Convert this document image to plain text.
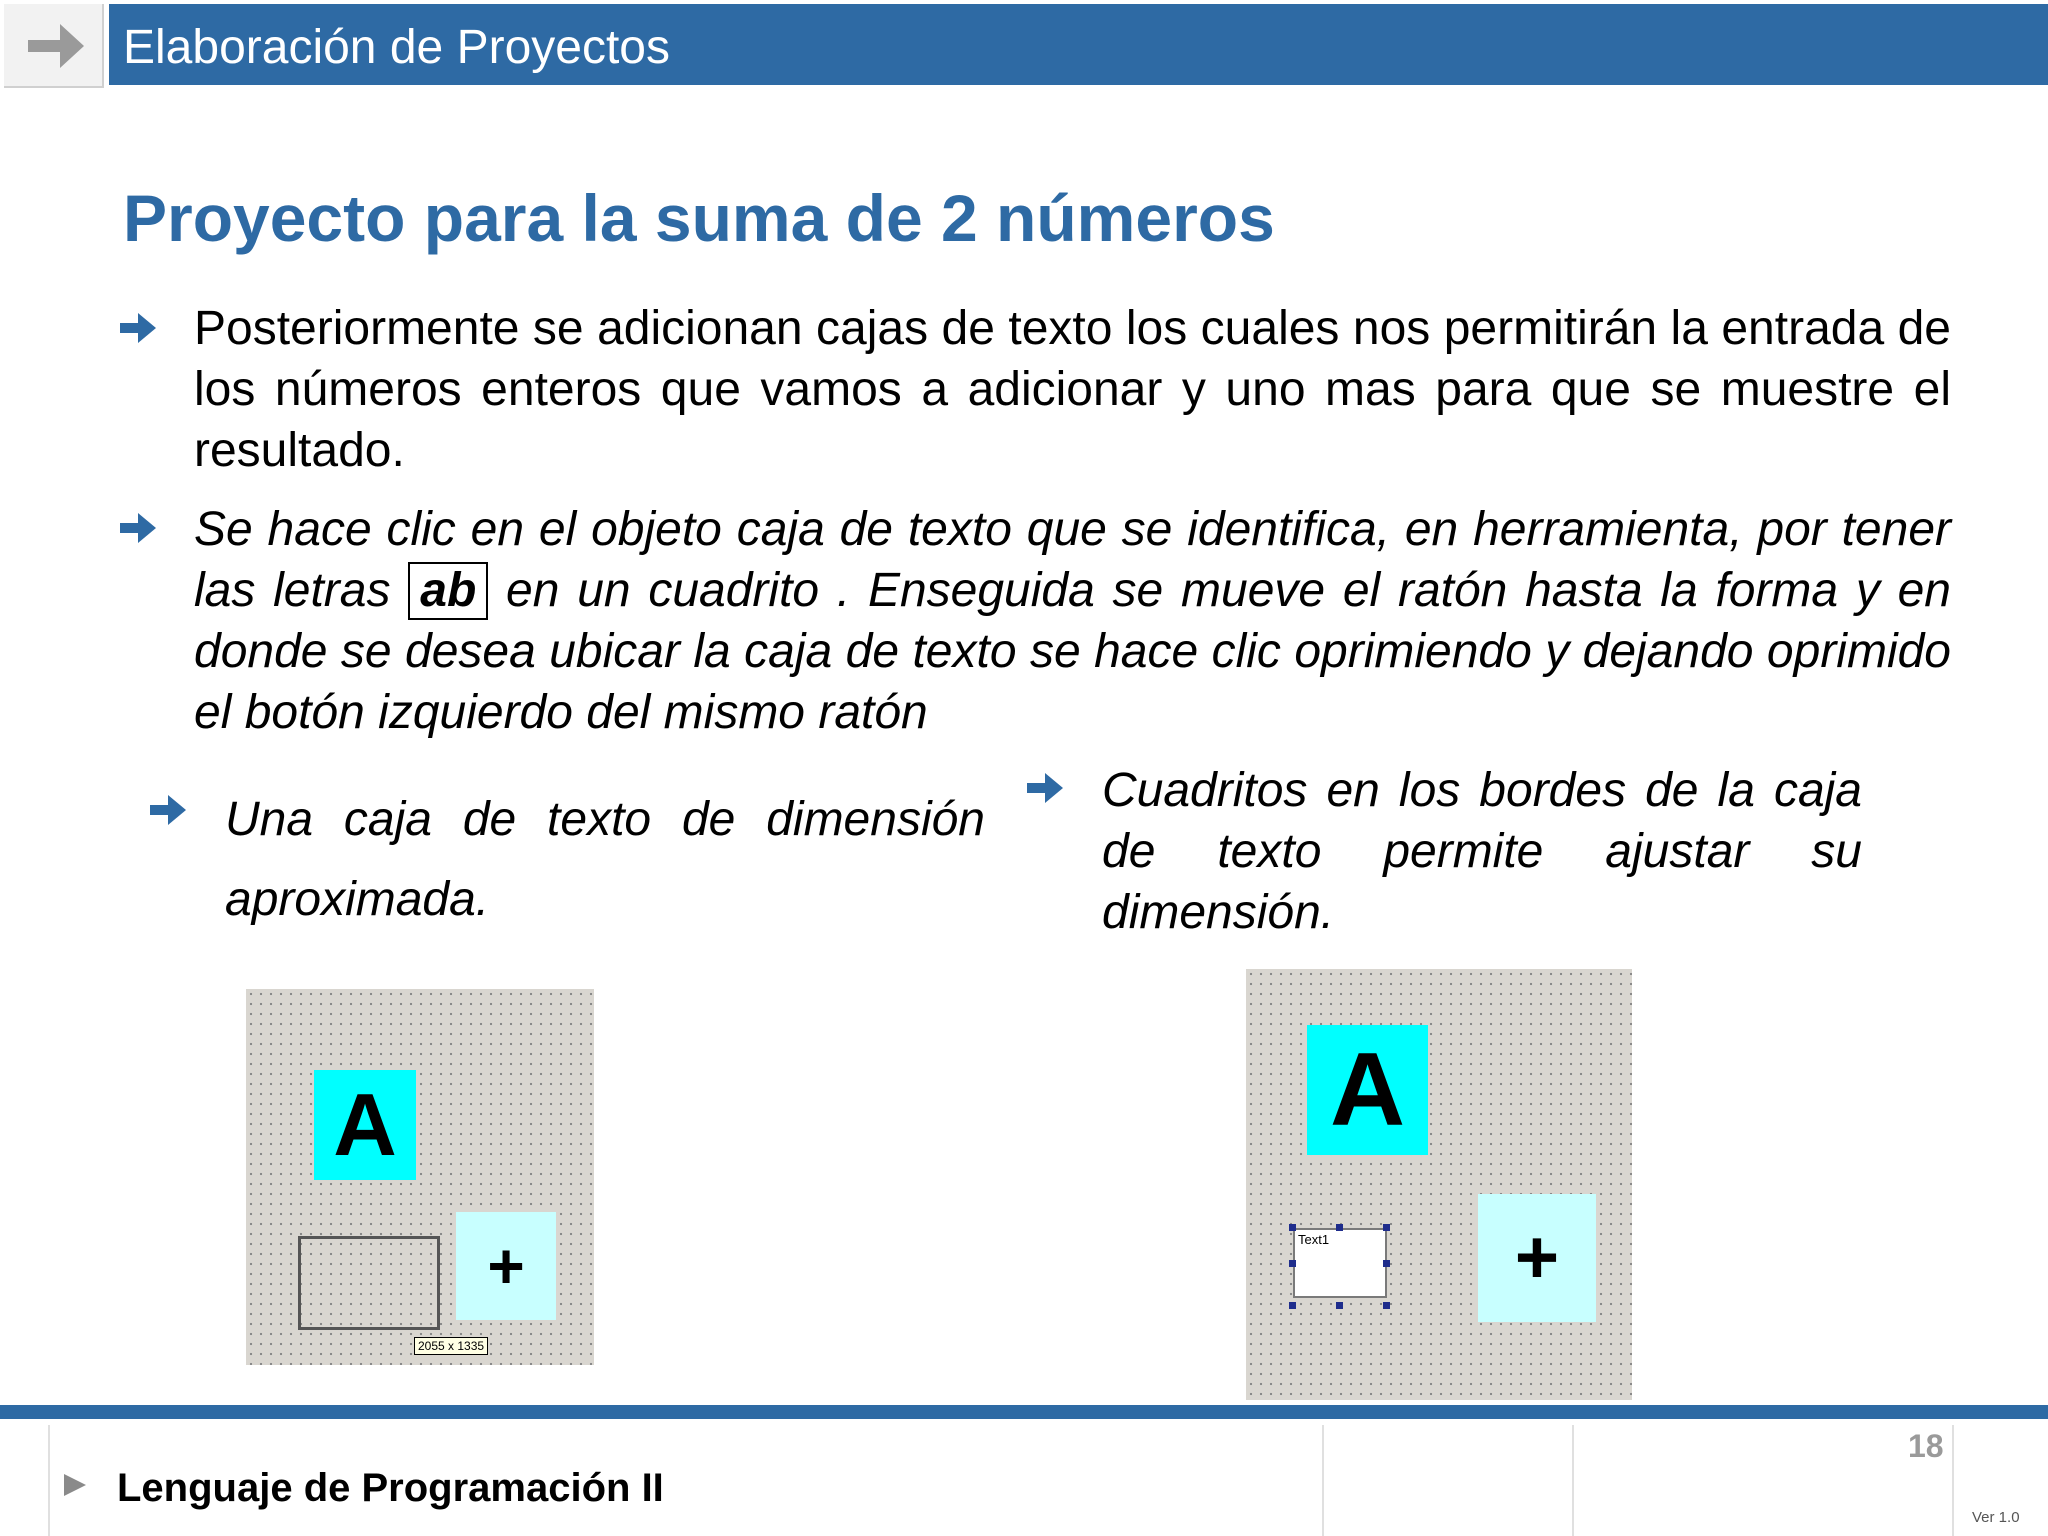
Elaboración de Proyectos
Proyecto para la suma de 2 números
Posteriormente se adicionan cajas de texto los cuales nos permitirán la entrada de los números enteros que vamos a adicionar y uno mas para que se muestre el resultado.
Se hace clic en el objeto caja de texto que se identifica, en herramienta, por tener las letras ab en un cuadrito . Enseguida se mueve el ratón hasta la forma y en donde se desea ubicar la caja de texto se hace clic oprimiendo y dejando oprimido el botón izquierdo del mismo ratón
Una caja de texto de dimensión aproximada.
Cuadritos en los bordes de la caja de texto permite ajustar su dimensión.
A
+
2055 x 1335
A
Text1	+
Lenguaje de Programación II
18
Ver 1.0
